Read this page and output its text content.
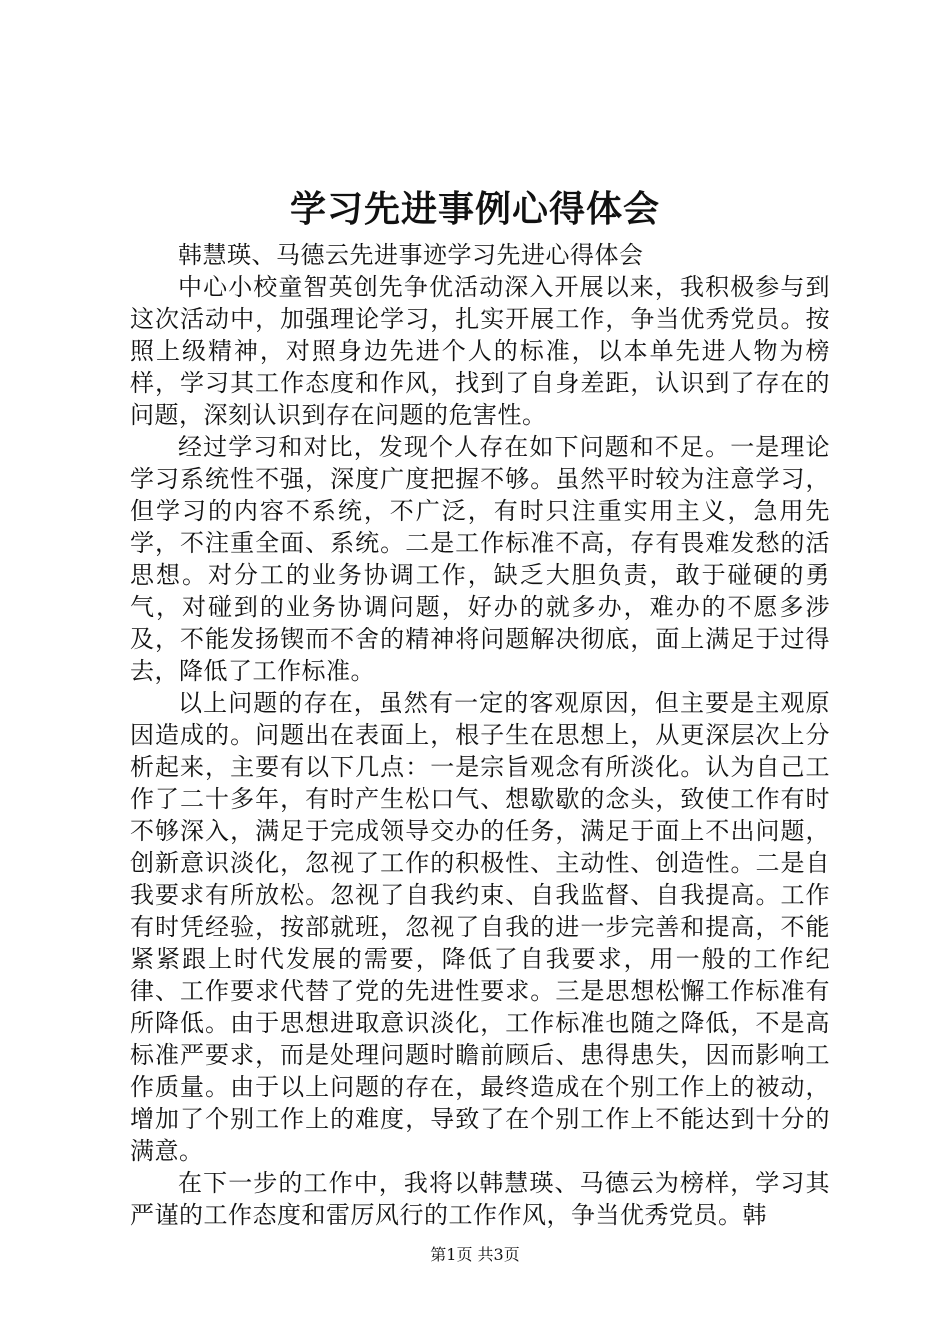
学习先进事例心得体会

韩慧瑛、马德云先进事迹学习先进心得体会

中心小校童智英创先争优活动深入开展以来，我积极参与到这次活动中，加强理论学习，扎实开展工作，争当优秀党员。按照上级精神，对照身边先进个人的标准，以本单先进人物为榜样，学习其工作态度和作风，找到了自身差距，认识到了存在的问题，深刻认识到存在问题的危害性。

经过学习和对比，发现个人存在如下问题和不足。一是理论学习系统性不强，深度广度把握不够。虽然平时较为注意学习，但学习的内容不系统，不广泛，有时只注重实用主义，急用先学，不注重全面、系统。二是工作标准不高，存有畏难发愁的活思想。对分工的业务协调工作，缺乏大胆负责，敢于碰硬的勇气，对碰到的业务协调问题，好办的就多办，难办的不愿多涉及，不能发扬锲而不舍的精神将问题解决彻底，面上满足于过得去，降低了工作标准。

以上问题的存在，虽然有一定的客观原因，但主要是主观原因造成的。问题出在表面上，根子生在思想上，从更深层次上分析起来，主要有以下几点：一是宗旨观念有所淡化。认为自己工作了二十多年，有时产生松口气、想歇歇的念头，致使工作有时不够深入，满足于完成领导交办的任务，满足于面上不出问题，创新意识淡化，忽视了工作的积极性、主动性、创造性。二是自我要求有所放松。忽视了自我约束、自我监督、自我提高。工作有时凭经验，按部就班，忽视了自我的进一步完善和提高，不能紧紧跟上时代发展的需要，降低了自我要求，用一般的工作纪律、工作要求代替了党的先进性要求。三是思想松懈工作标准有所降低。由于思想进取意识淡化，工作标准也随之降低，不是高标准严要求，而是处理问题时瞻前顾后、患得患失，因而影响工作质量。由于以上问题的存在，最终造成在个别工作上的被动，增加了个别工作上的难度，导致了在个别工作上不能达到十分的满意。

在下一步的工作中，我将以韩慧瑛、马德云为榜样，学习其严谨的工作态度和雷厉风行的工作作风，争当优秀党员。韩

第1页 共3页
